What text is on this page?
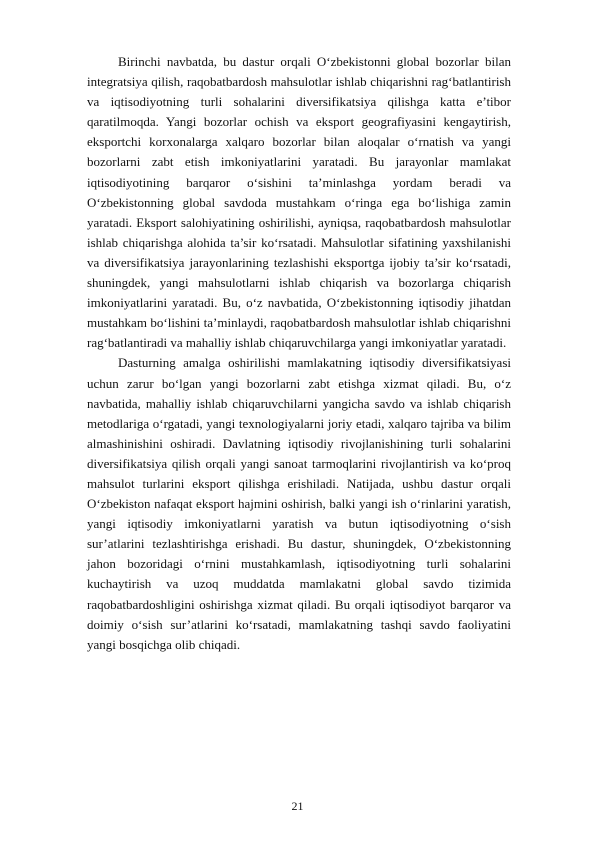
Birinchi navbatda, bu dastur orqali O‘zbekistonni global bozorlar bilan integratsiya qilish, raqobatbardosh mahsulotlar ishlab chiqarishni rag‘batlantirish va iqtisodiyotning turli sohalarini diversifikatsiya qilishga katta e’tibor qaratilmoqda. Yangi bozorlar ochish va eksport geografiyasini kengaytirish, eksportchi korxonalarga xalqaro bozorlar bilan aloqalar o‘rnatish va yangi bozorlarni zabt etish imkoniyatlarini yaratadi. Bu jarayonlar mamlakat iqtisodiyotining barqaror o‘sishini ta’minlashga yordam beradi va O‘zbekistonning global savdoda mustahkam o‘ringa ega bo‘lishiga zamin yaratadi. Eksport salohiyatining oshirilishi, ayniqsa, raqobatbardosh mahsulotlar ishlab chiqarishga alohida ta’sir ko‘rsatadi. Mahsulotlar sifatining yaxshilanishi va diversifikatsiya jarayonlarining tezlashishi eksportga ijobiy ta’sir ko‘rsatadi, shuningdek, yangi mahsulotlarni ishlab chiqarish va bozorlarga chiqarish imkoniyatlarini yaratadi. Bu, o‘z navbatida, O‘zbekistonning iqtisodiy jihatdan mustahkam bo‘lishini ta’minlaydi, raqobatbardosh mahsulotlar ishlab chiqarishni rag‘batlantiradi va mahalliy ishlab chiqaruvchilarga yangi imkoniyatlar yaratadi.

Dasturning amalga oshirilishi mamlakatning iqtisodiy diversifikatsiyasi uchun zarur bo‘lgan yangi bozorlarni zabt etishga xizmat qiladi. Bu, o‘z navbatida, mahalliy ishlab chiqaruvchilarni yangicha savdo va ishlab chiqarish metodlariga o‘rgatadi, yangi texnologiyalarni joriy etadi, xalqaro tajriba va bilim almashinishini oshiradi. Davlatning iqtisodiy rivojlanishining turli sohalarini diversifikatsiya qilish orqali yangi sanoat tarmoqlarini rivojlantirish va ko‘proq mahsulot turlarini eksport qilishga erishiladi. Natijada, ushbu dastur orqali O‘zbekiston nafaqat eksport hajmini oshirish, balki yangi ish o‘rinlarini yaratish, yangi iqtisodiy imkoniyatlarni yaratish va butun iqtisodiyotning o‘sish sur’atlarini tezlashtirishga erishadi. Bu dastur, shuningdek, O‘zbekistonning jahon bozoridagi o‘rnini mustahkamlash, iqtisodiyotning turli sohalarini kuchaytirish va uzoq muddatda mamlakatni global savdo tizimida raqobatbardoshligini oshirishga xizmat qiladi. Bu orqali iqtisodiyot barqaror va doimiy o‘sish sur’atlarini ko‘rsatadi, mamlakatning tashqi savdo faoliyatini yangi bosqichga olib chiqadi.

21
